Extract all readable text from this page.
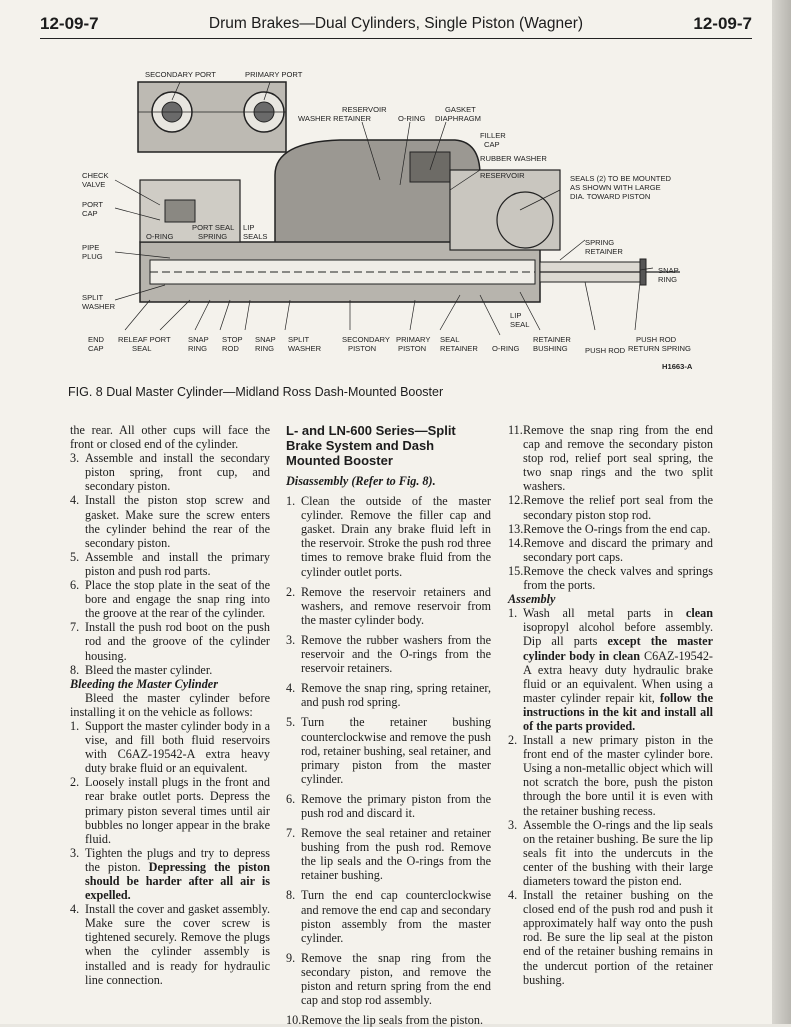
12-09-7	Drum Brakes—Dual Cylinders, Single Piston (Wagner)	12-09-7
SECONDARY PORT	PRIMARY PORT
RESERVOIR
WASHER RETAINER	O-RING
GASKET
DIAPHRAGM
FILLER
CAP
RUBBER WASHER
RESERVOIR	SEALS (2) TO BE MOUNTED
AS SHOWN WITH LARGE
DIA. TOWARD PISTON
CHECK
VALVE
PORT
CAP
PORT SEAL LIP
O-RING	SPRING SEALS
PIPE
PLUG
SPRING
RETAINER
SNAP
RING
SPLIT
WASHER
LIP
SEAL
END
CAP
RELEAF PORT
SEAL
SNAP
RING
STOP
ROD
SNAP
RING
SPLIT
WASHER
SECONDARY
PISTON
PRIMARY
PISTON
SEAL
RETAINER O-RING
RETAINER
BUSHING PUSH ROD
PUSH ROD
RETURN SPRING
H1663-A
FIG. 8 Dual Master Cylinder—Midland Ross Dash-Mounted Booster
the rear. All other cups will face the front or closed end of the cylinder.
3. Assemble and install the secondary piston spring, front cup, and secondary piston.
4. Install the piston stop screw and gasket. Make sure the screw enters the cylinder behind the rear of the secondary piston.
5. Assemble and install the primary piston and push rod parts.
6. Place the stop plate in the seat of the bore and engage the snap ring into the groove at the rear of the cylinder.
7. Install the push rod boot on the push rod and the groove of the cylinder housing.
8. Bleed the master cylinder.
Bleeding the Master Cylinder
Bleed the master cylinder before installing it on the vehicle as follows:
1. Support the master cylinder body in a vise, and fill both fluid reservoirs with C6AZ-19542-A extra heavy duty brake fluid or an equivalent.
2. Loosely install plugs in the front and rear brake outlet ports. Depress the primary piston several times until air bubbles no longer appear in the brake fluid.
3. Tighten the plugs and try to depress the piston. Depressing the piston should be harder after all air is expelled.
4. Install the cover and gasket assembly. Make sure the cover screw is tightened securely. Remove the plugs when the cylinder assembly is installed and is ready for hydraulic line connection.
L- and LN-600 Series—Split Brake System and Dash Mounted Booster
Disassembly (Refer to Fig. 8).
1. Clean the outside of the master cylinder. Remove the filler cap and gasket. Drain any brake fluid left in the reservoir. Stroke the push rod three times to remove brake fluid from the cylinder outlet ports.
2. Remove the reservoir retainers and washers, and remove reservoir from the master cylinder body.
3. Remove the rubber washers from the reservoir and the O-rings from the reservoir retainers.
4. Remove the snap ring, spring retainer, and push rod spring.
5. Turn the retainer bushing counterclockwise and remove the push rod, retainer bushing, seal retainer, and primary piston from the master cylinder.
6. Remove the primary piston from the push rod and discard it.
7. Remove the seal retainer and retainer bushing from the push rod. Remove the lip seals and the O-rings from the retainer bushing.
8. Turn the end cap counterclockwise and remove the end cap and secondary piston assembly from the master cylinder.
9. Remove the snap ring from the secondary piston, and remove the piston and return spring from the end cap and stop rod assembly.
10. Remove the lip seals from the piston.
11. Remove the snap ring from the end cap and remove the secondary piston stop rod, relief port seal spring, the two snap rings and the two split washers.
12. Remove the relief port seal from the secondary piston stop rod.
13. Remove the O-rings from the end cap.
14. Remove and discard the primary and secondary port caps.
15. Remove the check valves and springs from the ports.
Assembly
1. Wash all metal parts in clean isopropyl alcohol before assembly. Dip all parts except the master cylinder body in clean C6AZ-19542-A extra heavy duty hydraulic brake fluid or an equivalent. When using a master cylinder repair kit, follow the instructions in the kit and install all of the parts provided.
2. Install a new primary piston in the front end of the master cylinder bore. Using a non-metallic object which will not scratch the bore, push the piston through the bore until it is even with the retainer bushing recess.
3. Assemble the O-rings and the lip seals on the retainer bushing. Be sure the lip seals fit into the undercuts in the center of the bushing with their large diameters toward the piston end.
4. Install the retainer bushing on the closed end of the push rod and push it approximately half way onto the push rod. Be sure the lip seal at the piston end of the retainer bushing remains in the undercut portion of the retainer bushing.
